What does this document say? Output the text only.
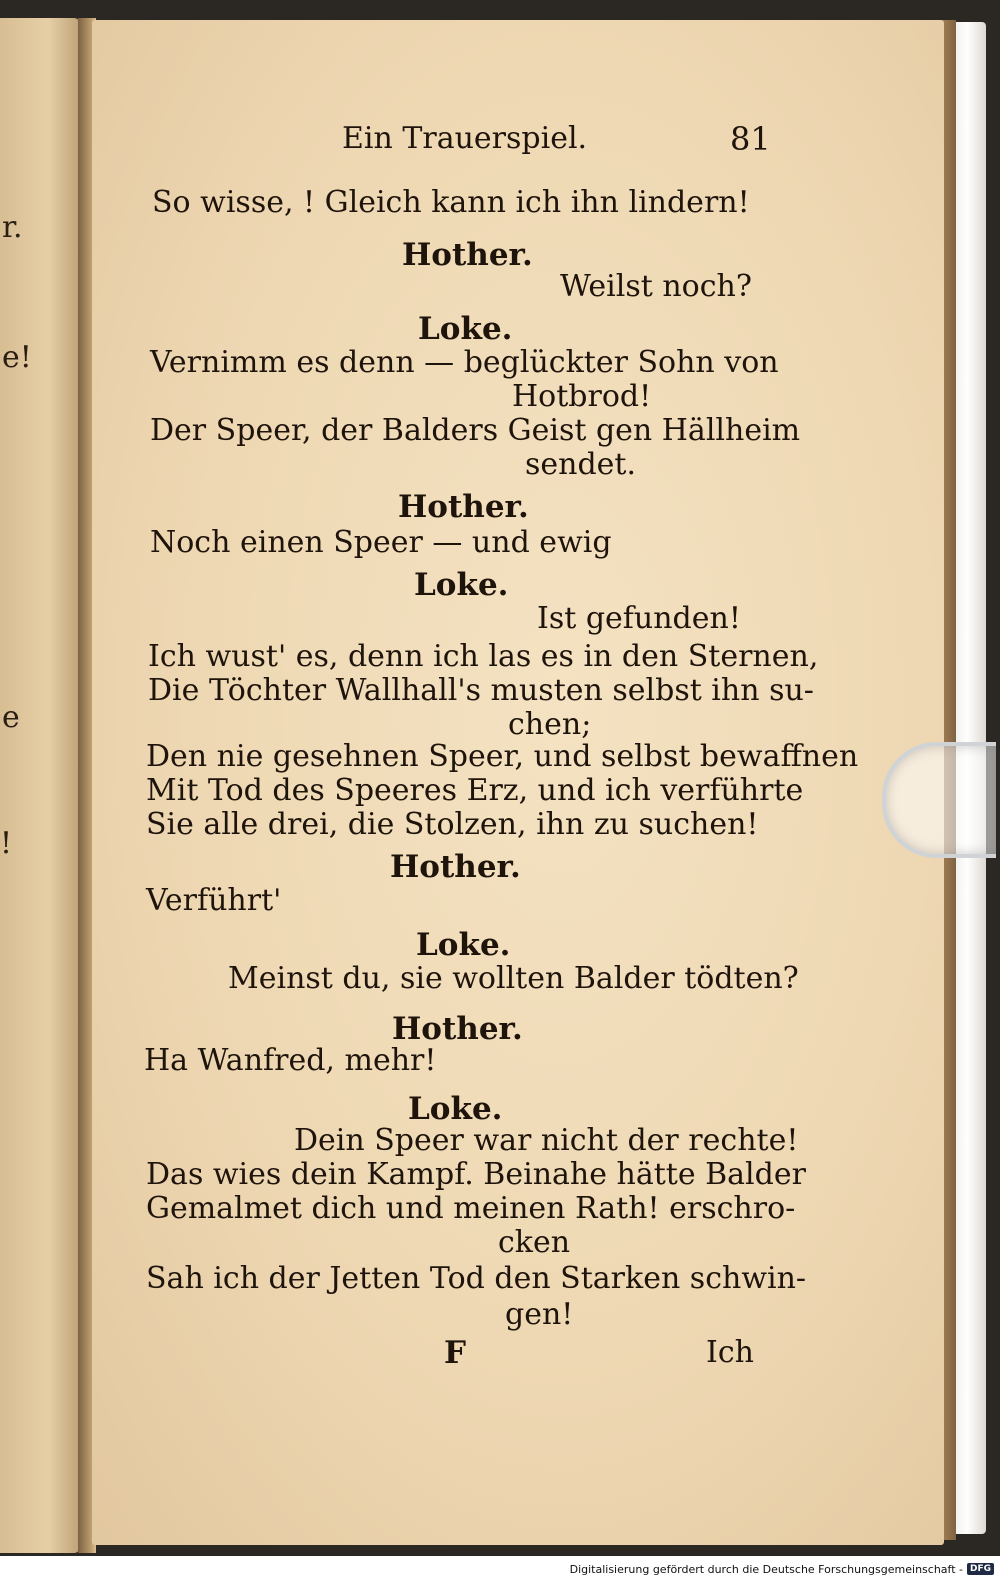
r.
e!
e
!
Ein Trauerspiel.	81
So wisse, ! Gleich kann ich ihn lindern!
Hother.
Weilst noch?
Loke.
Vernimm es denn — beglückter Sohn von
Hotbrod!
Der Speer, der Balders Geist gen Hällheim
sendet.
Hother.
Noch einen Speer — und ewig
Loke.
Ist gefunden!
Ich wust' es, denn ich las es in den Sternen,
Die Töchter Wallhall's musten selbst ihn su-
chen;
Den nie gesehnen Speer, und selbst bewaffnen
Mit Tod des Speeres Erz, und ich verführte
Sie alle drei, die Stolzen, ihn zu suchen!
Hother.
Verführt'
Loke.
Meinst du, sie wollten Balder tödten?
Hother.
Ha Wanfred, mehr!
Loke.
Dein Speer war nicht der rechte!
Das wies dein Kampf. Beinahe hätte Balder
Gemalmet dich und meinen Rath! erschro-
cken
Sah ich der Jetten Tod den Starken schwin-
gen!
F	Ich
Digitalisierung gefördert durch die Deutsche Forschungsgemeinschaft - DFG
